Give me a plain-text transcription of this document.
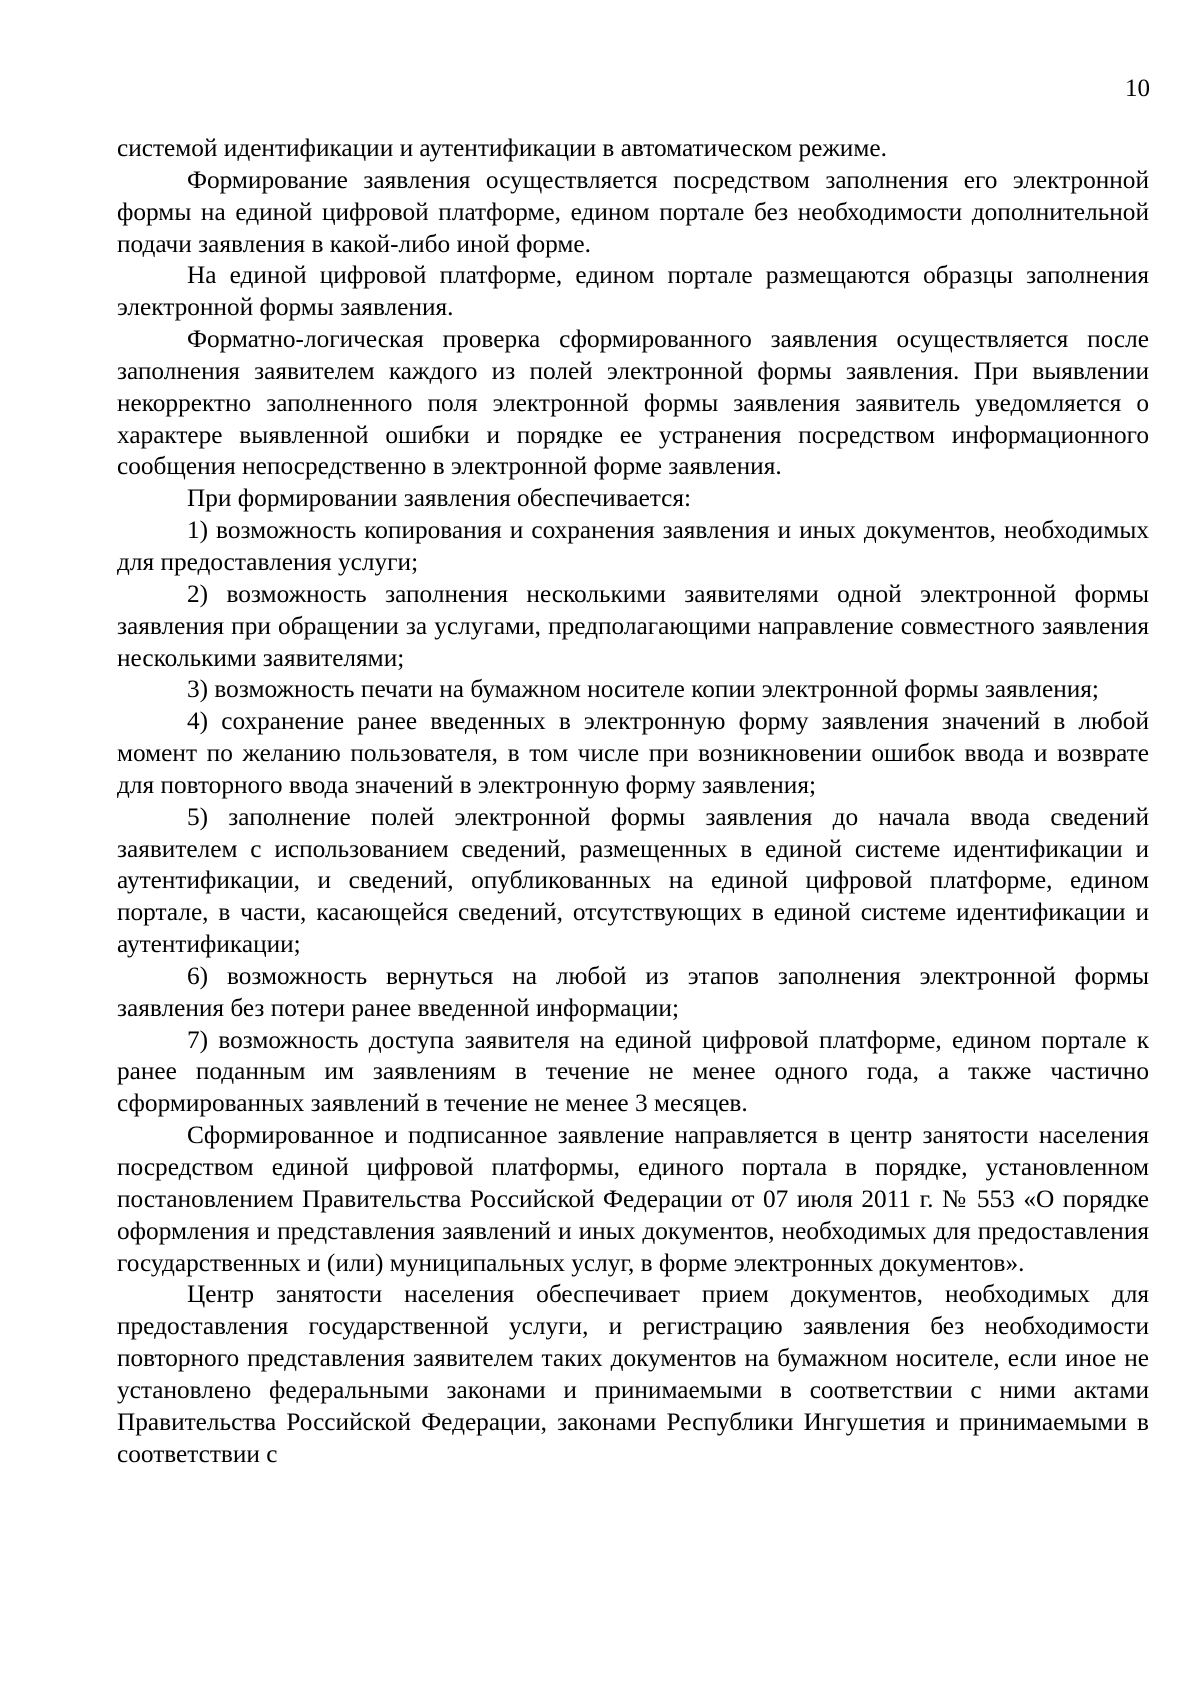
10

системой идентификации и аутентификации в автоматическом режиме.

Формирование заявления осуществляется посредством заполнения его электронной формы на единой цифровой платформе, едином портале без необходимости дополнительной подачи заявления в какой-либо иной форме.

На единой цифровой платформе, едином портале размещаются образцы заполнения электронной формы заявления.

Форматно-логическая проверка сформированного заявления осуществляется после заполнения заявителем каждого из полей электронной формы заявления. При выявлении некорректно заполненного поля электронной формы заявления заявитель уведомляется о характере выявленной ошибки и порядке ее устранения посредством информационного сообщения непосредственно в электронной форме заявления.

При формировании заявления обеспечивается:

1) возможность копирования и сохранения заявления и иных документов, необходимых для предоставления услуги;

2) возможность заполнения несколькими заявителями одной электронной формы заявления при обращении за услугами, предполагающими направление совместного заявления несколькими заявителями;

3) возможность печати на бумажном носителе копии электронной формы заявления;

4) сохранение ранее введенных в электронную форму заявления значений в любой момент по желанию пользователя, в том числе при возникновении ошибок ввода и возврате для повторного ввода значений в электронную форму заявления;

5) заполнение полей электронной формы заявления до начала ввода сведений заявителем с использованием сведений, размещенных в единой системе идентификации и аутентификации, и сведений, опубликованных на единой цифровой платформе, едином портале, в части, касающейся сведений, отсутствующих в единой системе идентификации и аутентификации;

6) возможность вернуться на любой из этапов заполнения электронной формы заявления без потери ранее введенной информации;

7) возможность доступа заявителя на единой цифровой платформе, едином портале к ранее поданным им заявлениям в течение не менее одного года, а также частично сформированных заявлений в течение не менее 3 месяцев.

Сформированное и подписанное заявление направляется в центр занятости населения посредством единой цифровой платформы, единого портала в порядке, установленном постановлением Правительства Российской Федерации от 07 июля 2011 г. № 553 «О порядке оформления и представления заявлений и иных документов, необходимых для предоставления государственных и (или) муниципальных услуг, в форме электронных документов».

Центр занятости населения обеспечивает прием документов, необходимых для предоставления государственной услуги, и регистрацию заявления без необходимости повторного представления заявителем таких документов на бумажном носителе, если иное не установлено федеральными законами и принимаемыми в соответствии с ними актами Правительства Российской Федерации, законами Республики Ингушетия и принимаемыми в соответствии с
